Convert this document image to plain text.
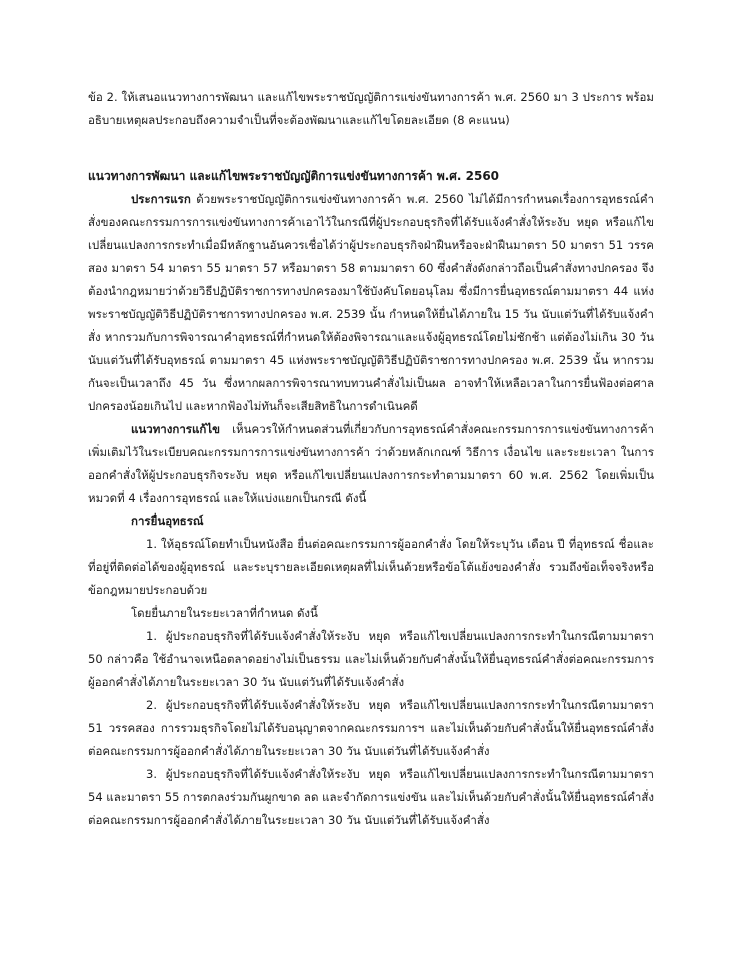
ข้อ 2. ให้เสนอแนวทางการพัฒนา และแก้ไขพระราชบัญญัติการแข่งขันทางการค้า พ.ศ. 2560 มา 3 ประการ พร้อมอธิบายเหตุผลประกอบถึงความจำเป็นที่จะต้องพัฒนาและแก้ไขโดยละเอียด (8 คะแนน)

แนวทางการพัฒนา และแก้ไขพระราชบัญญัติการแข่งขันทางการค้า พ.ศ. 2560

ประการแรก ด้วยพระราชบัญญัติการแข่งขันทางการค้า พ.ศ. 2560 ไม่ได้มีการกำหนดเรื่องการอุทธรณ์คำสั่งของคณะกรรมการการแข่งขันทางการค้าเอาไว้ในกรณีที่ผู้ประกอบธุรกิจที่ได้รับแจ้งคำสั่งให้ระงับ หยุด หรือแก้ไขเปลี่ยนแปลงการกระทำเมื่อมีหลักฐานอันควรเชื่อได้ว่าผู้ประกอบธุรกิจฝ่าฝืนหรือจะฝ่าฝืนมาตรา 50 มาตรา 51 วรรคสอง มาตรา 54 มาตรา 55 มาตรา 57 หรือมาตรา 58 ตามมาตรา 60 ซึ่งคำสั่งดังกล่าวถือเป็นคำสั่งทางปกครอง จึงต้องนำกฎหมายว่าด้วยวิธีปฏิบัติราชการทางปกครองมาใช้บังคับโดยอนุโลม ซึ่งมีการยื่นอุทธรณ์ตามมาตรา 44 แห่งพระราชบัญญัติวิธีปฏิบัติราชการทางปกครอง พ.ศ. 2539 นั้น กำหนดให้ยื่นได้ภายใน 15 วัน นับแต่วันที่ได้รับแจ้งคำสั่ง หากรวมกับการพิจารณาคำอุทธรณ์ที่กำหนดให้ต้องพิจารณาและแจ้งผู้อุทธรณ์โดยไม่ชักช้า แต่ต้องไม่เกิน 30 วัน นับแต่วันที่ได้รับอุทธรณ์ ตามมาตรา 45 แห่งพระราชบัญญัติวิธีปฏิบัติราชการทางปกครอง พ.ศ. 2539 นั้น หากรวมกันจะเป็นเวลาถึง 45 วัน ซึ่งหากผลการพิจารณาทบทวนคำสั่งไม่เป็นผล อาจทำให้เหลือเวลาในการยื่นฟ้องต่อศาลปกครองน้อยเกินไป และหากฟ้องไม่ทันก็จะเสียสิทธิในการดำเนินคดี

แนวทางการแก้ไข เห็นควรให้กำหนดส่วนที่เกี่ยวกับการอุทธรณ์คำสั่งคณะกรรมการการแข่งขันทางการค้าเพิ่มเติมไว้ในระเบียบคณะกรรมการการแข่งขันทางการค้า ว่าด้วยหลักเกณฑ์ วิธีการ เงื่อนไข และระยะเวลา ในการออกคำสั่งให้ผู้ประกอบธุรกิจระงับ หยุด หรือแก้ไขเปลี่ยนแปลงการกระทำตามมาตรา 60 พ.ศ. 2562 โดยเพิ่มเป็นหมวดที่ 4 เรื่องการอุทธรณ์ และให้แบ่งแยกเป็นกรณี ดังนี้

การยื่นอุทธรณ์

1. ให้อุธรณ์โดยทำเป็นหนังสือ ยื่นต่อคณะกรรมการผู้ออกคำสั่ง โดยให้ระบุวัน เดือน ปี ที่อุทธรณ์ ชื่อและที่อยู่ที่ติดต่อได้ของผู้อุทธรณ์ และระบุรายละเอียดเหตุผลที่ไม่เห็นด้วยหรือข้อโต้แย้งของคำสั่ง รวมถึงข้อเท็จจริงหรือข้อกฎหมายประกอบด้วย

โดยยื่นภายในระยะเวลาที่กำหนด ดังนี้

1. ผู้ประกอบธุรกิจที่ได้รับแจ้งคำสั่งให้ระงับ หยุด หรือแก้ไขเปลี่ยนแปลงการกระทำในกรณีตามมาตรา 50 กล่าวคือ ใช้อำนาจเหนือตลาดอย่างไม่เป็นธรรม และไม่เห็นด้วยกับคำสั่งนั้นให้ยื่นอุทธรณ์คำสั่งต่อคณะกรรมการผู้ออกคำสั่งได้ภายในระยะเวลา 30 วัน นับแต่วันที่ได้รับแจ้งคำสั่ง

2. ผู้ประกอบธุรกิจที่ได้รับแจ้งคำสั่งให้ระงับ หยุด หรือแก้ไขเปลี่ยนแปลงการกระทำในกรณีตามมาตรา 51 วรรคสอง การรวมธุรกิจโดยไม่ได้รับอนุญาตจากคณะกรรมการฯ และไม่เห็นด้วยกับคำสั่งนั้นให้ยื่นอุทธรณ์คำสั่งต่อคณะกรรมการผู้ออกคำสั่งได้ภายในระยะเวลา 30 วัน นับแต่วันที่ได้รับแจ้งคำสั่ง

3. ผู้ประกอบธุรกิจที่ได้รับแจ้งคำสั่งให้ระงับ หยุด หรือแก้ไขเปลี่ยนแปลงการกระทำในกรณีตามมาตรา 54 และมาตรา 55 การตกลงร่วมกันผูกขาด ลด และจำกัดการแข่งขัน และไม่เห็นด้วยกับคำสั่งนั้นให้ยื่นอุทธรณ์คำสั่งต่อคณะกรรมการผู้ออกคำสั่งได้ภายในระยะเวลา 30 วัน นับแต่วันที่ได้รับแจ้งคำสั่ง
